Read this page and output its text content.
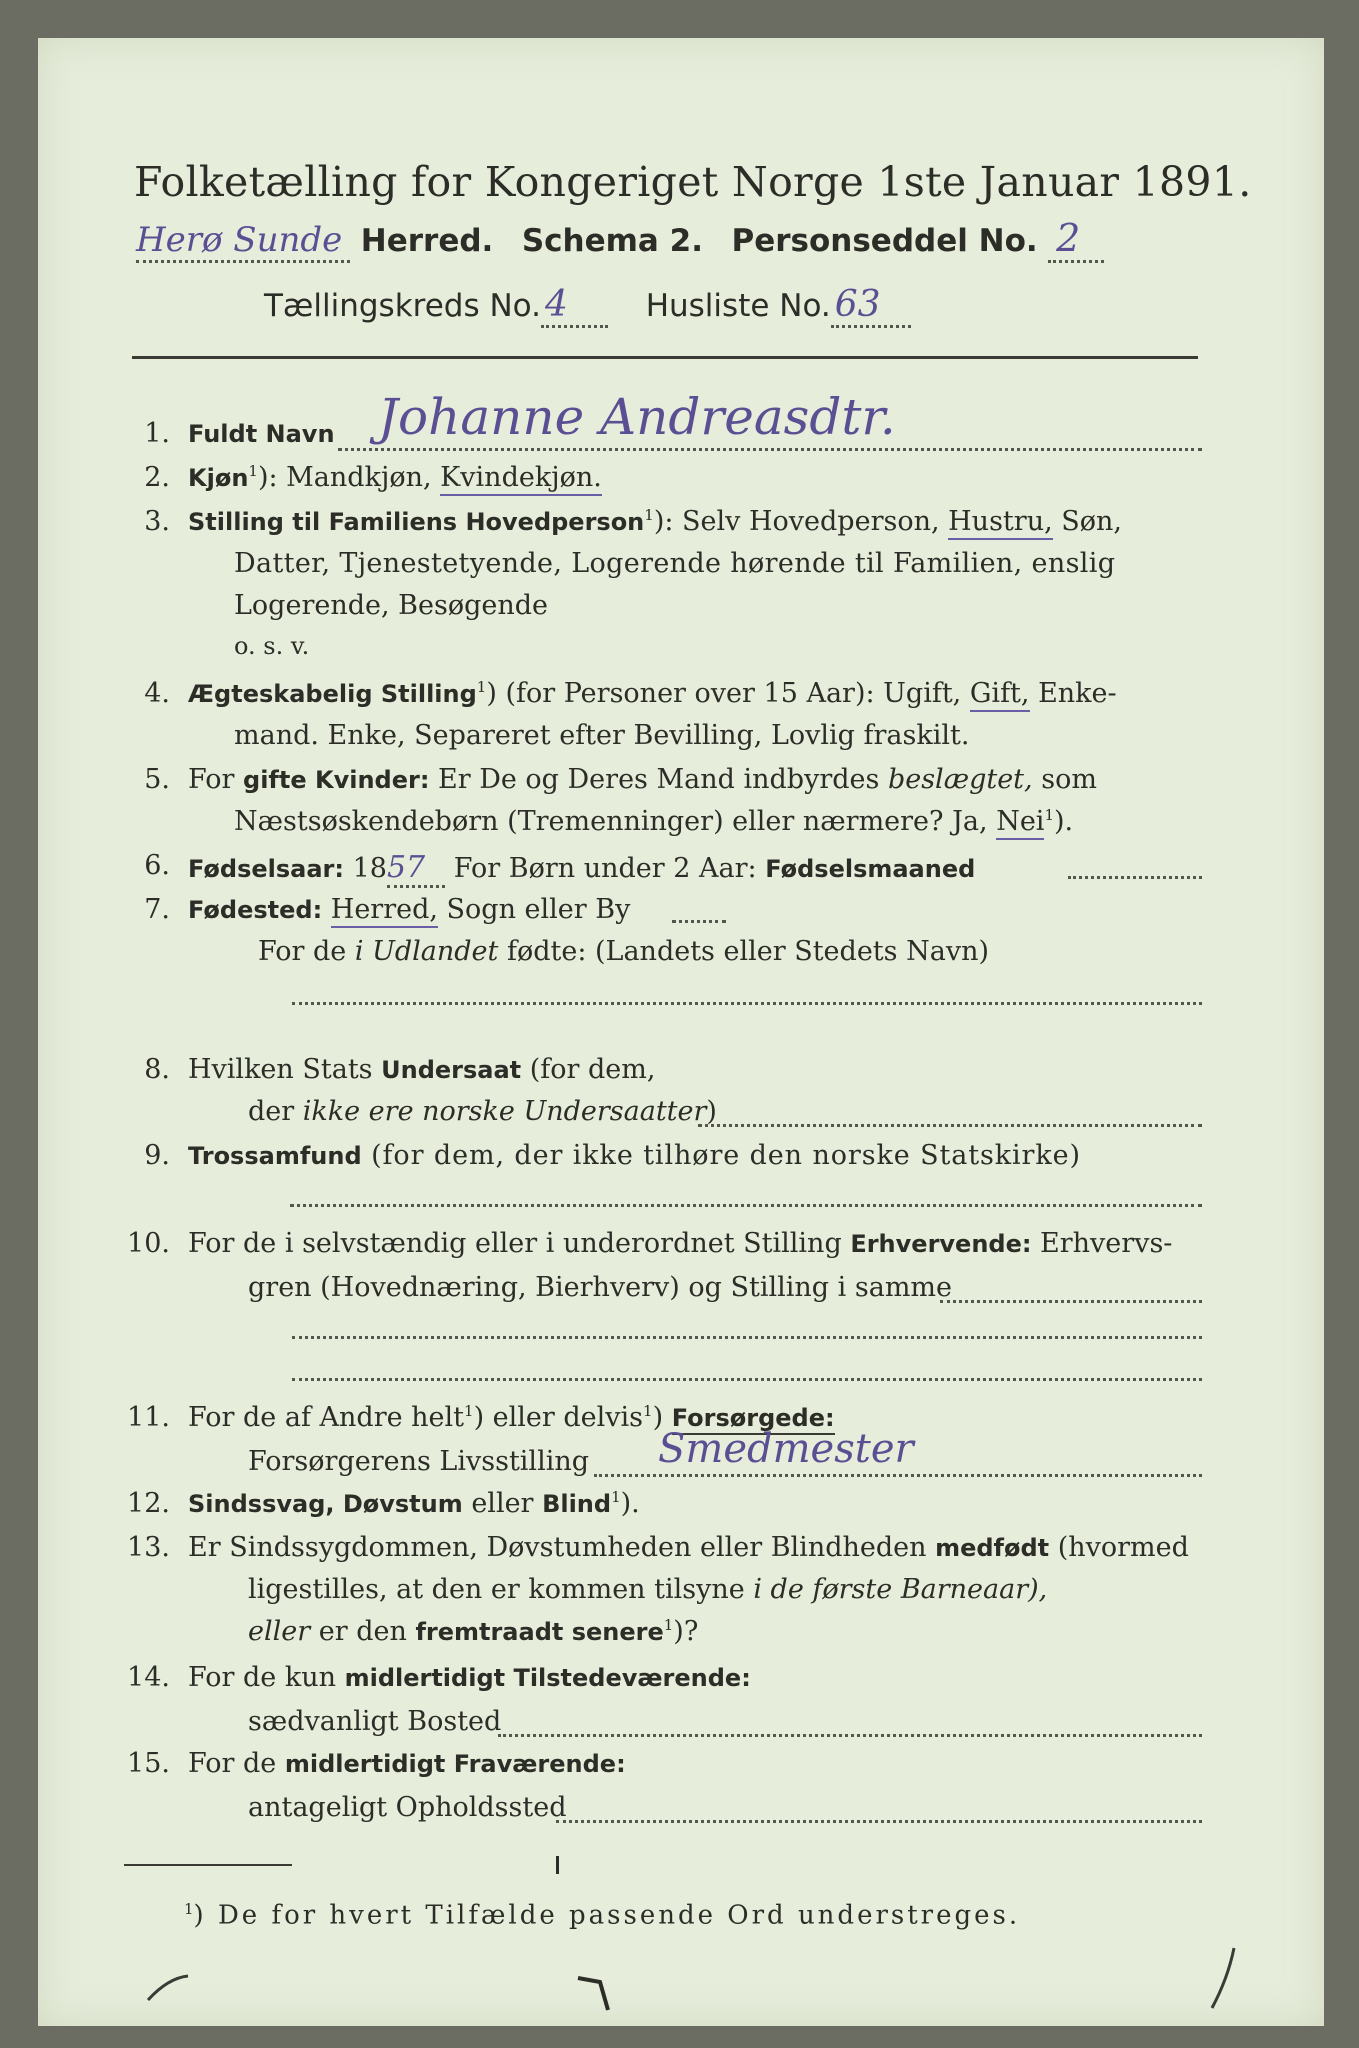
Folketælling for Kongeriget Norge 1ste Januar 1891.
Herø Sunde Herred. Schema 2. Personseddel No. 2
Tællingskreds No. 4	Husliste No. 63
1. Fuldt Navn Johanne Andreasdtr.
2. Kjøn$^1$): Mandkjøn, Kvindekjøn.
3. Stilling til Familiens Hovedperson$^1$): Selv Hovedperson, Hustru, Søn,
Datter, Tjenestetyende, Logerende hørende til Familien, enslig
Logerende, Besøgende
o. s. v.
4. Ægteskabelig Stilling$^1$) (for Personer over 15 Aar): Ugift, Gift, Enke-
mand. Enke, Separeret efter Bevilling, Lovlig fraskilt.
5. For gifte Kvinder: Er De og Deres Mand indbyrdes beslægtet, som
Næstsøskendebørn (Tremenninger) eller nærmere? Ja, Nei$^1$).
6. Fødselsaar: 1857 For Børn under 2 Aar: Fødselsmaaned
7. Fødested: Herred, Sogn eller By
For de i Udlandet fødte: (Landets eller Stedets Navn)
8. Hvilken Stats Undersaat (for dem,
der ikke ere norske Undersaatter)
9. Trossamfund (for dem, der ikke tilhøre den norske Statskirke)
10. For de i selvstændig eller i underordnet Stilling Erhvervende: Erhvervs-
gren (Hovednæring, Bierhverv) og Stilling i samme
11. For de af Andre helt$^1$) eller delvis$^1$) Forsørgede:
Forsørgerens Livsstilling Smedmester
12. Sindssvag, Døvstum eller Blind$^1$).
13. Er Sindssygdommen, Døvstumheden eller Blindheden medfødt (hvormed
ligestilles, at den er kommen tilsyne i de første Barneaar),
eller er den fremtraadt senere$^1$)?
14. For de kun midlertidigt Tilstedeværende:
sædvanligt Bosted
15. For de midlertidigt Fraværende:
antageligt Opholdssted
$^1$) De for hvert Tilfælde passende Ord understreges.
